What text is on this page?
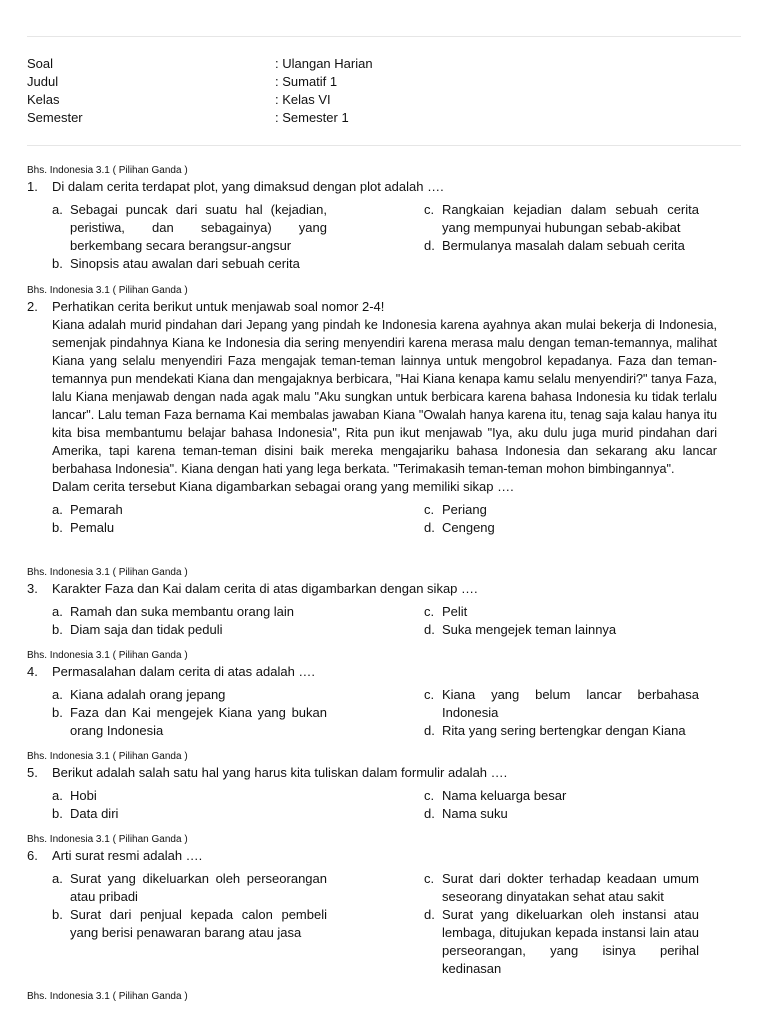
Soal	: Ulangan Harian
Judul	: Sumatif 1
Kelas	: Kelas VI
Semester	: Semester 1
Bhs. Indonesia 3.1 ( Pilihan Ganda )
1.	Di dalam cerita terdapat plot, yang dimaksud dengan plot adalah ….
a. Sebagai puncak dari suatu hal (kejadian, peristiwa, dan sebagainya) yang berkembang secara berangsur-angsur
b. Sinopsis atau awalan dari sebuah cerita
c. Rangkaian kejadian dalam sebuah cerita yang mempunyai hubungan sebab-akibat
d. Bermulanya masalah dalam sebuah cerita
Bhs. Indonesia 3.1 ( Pilihan Ganda )
2.	Perhatikan cerita berikut untuk menjawab soal nomor 2-4!
Kiana adalah murid pindahan dari Jepang yang pindah ke Indonesia karena ayahnya akan mulai bekerja di Indonesia, semenjak pindahnya Kiana ke Indonesia dia sering menyendiri karena merasa malu dengan teman-temannya, malihat Kiana yang selalu menyendiri Faza mengajak teman-teman lainnya untuk mengobrol kepadanya. Faza dan teman-temannya pun mendekati Kiana dan mengajaknya berbicara, "Hai Kiana kenapa kamu selalu menyendiri?" tanya Faza, lalu Kiana menjawab dengan nada agak malu "Aku sungkan untuk berbicara karena bahasa Indonesia ku tidak terlalu lancar". Lalu teman Faza bernama Kai membalas jawaban Kiana "Owalah hanya karena itu, tenag saja kalau hanya itu kita bisa membantumu belajar bahasa Indonesia", Rita pun ikut menjawab "Iya, aku dulu juga murid pindahan dari Amerika, tapi karena teman-teman disini baik mereka mengajariku bahasa Indonesia dan sekarang aku lancar berbahasa Indonesia". Kiana dengan hati yang lega berkata. "Terimakasih teman-teman mohon bimbingannya".
Dalam cerita tersebut Kiana digambarkan sebagai orang yang memiliki sikap ….
a. Pemarah
b. Pemalu
c. Periang
d. Cengeng
Bhs. Indonesia 3.1 ( Pilihan Ganda )
3.	Karakter Faza dan Kai dalam cerita di atas digambarkan dengan sikap ….
a. Ramah dan suka membantu orang lain
b. Diam saja dan tidak peduli
c. Pelit
d. Suka mengejek teman lainnya
Bhs. Indonesia 3.1 ( Pilihan Ganda )
4.	Permasalahan dalam cerita di atas adalah ….
a. Kiana adalah orang jepang
b. Faza dan Kai mengejek Kiana yang bukan orang Indonesia
c. Kiana yang belum lancar berbahasa Indonesia
d. Rita yang sering bertengkar dengan Kiana
Bhs. Indonesia 3.1 ( Pilihan Ganda )
5.	Berikut adalah salah satu hal yang harus kita tuliskan dalam formulir adalah ….
a. Hobi
b. Data diri
c. Nama keluarga besar
d. Nama suku
Bhs. Indonesia 3.1 ( Pilihan Ganda )
6.	Arti surat resmi adalah ….
a. Surat yang dikeluarkan oleh perseorangan atau pribadi
b. Surat dari penjual kepada calon pembeli yang berisi penawaran barang atau jasa
c. Surat dari dokter terhadap keadaan umum seseorang dinyatakan sehat atau sakit
d. Surat yang dikeluarkan oleh instansi atau lembaga, ditujukan kepada instansi lain atau perseorangan, yang isinya perihal kedinasan
Bhs. Indonesia 3.1 ( Pilihan Ganda )
